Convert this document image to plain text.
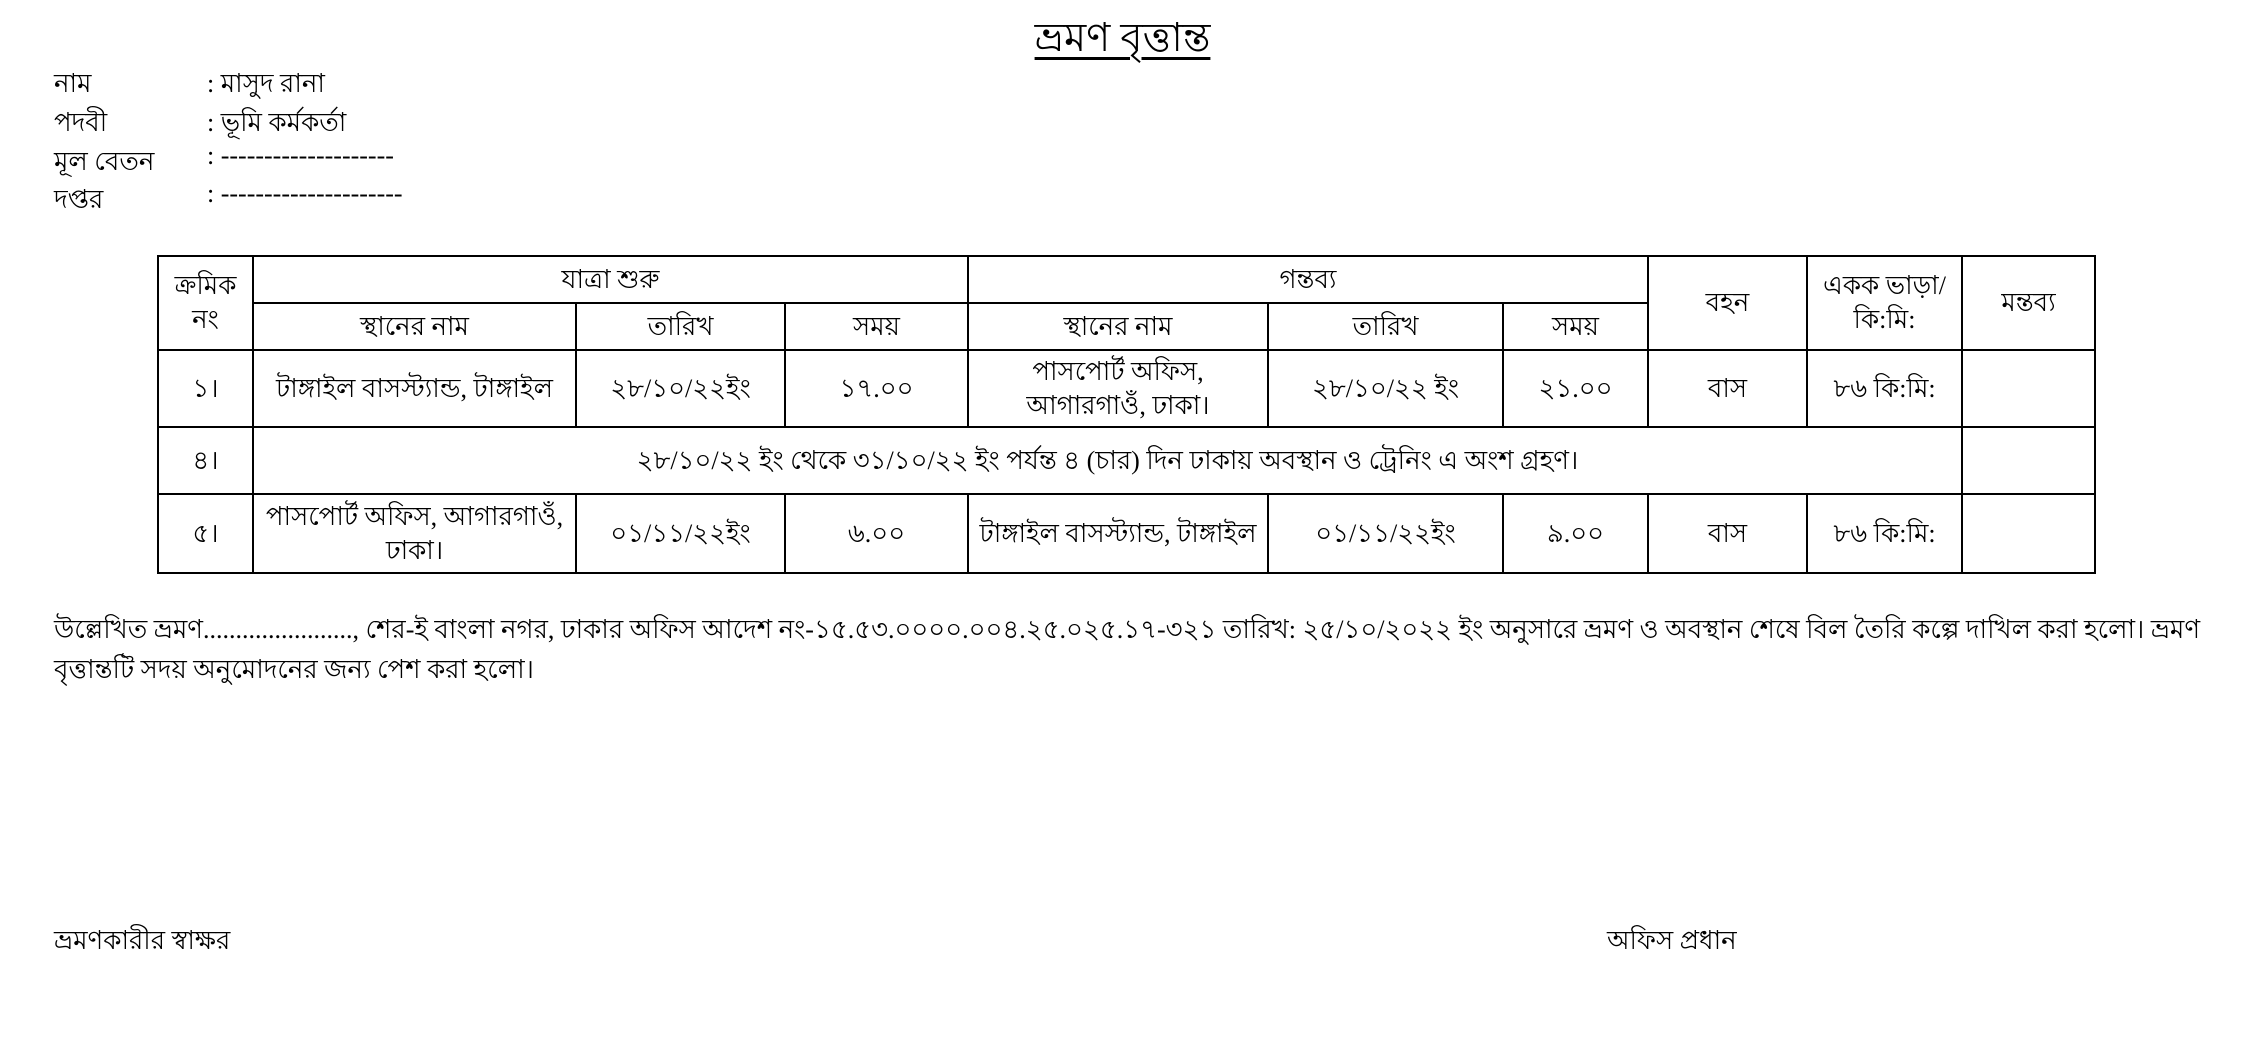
ভ্রমণ বৃত্তান্ত
নাম	: মাসুদ রানা
পদবী	: ভূমি কর্মকর্তা
মূল বেতন : --------------------
দপ্তর	: ---------------------
ক্রমিক নং	যাত্রা শুরু			গন্তব্য			বহন	একক ভাড়া/কি:মি:	মন্তব্য
	স্থানের নাম	তারিখ	সময়	স্থানের নাম	তারিখ	সময়			
১।	টাঙ্গাইল বাসস্ট্যান্ড, টাঙ্গাইল	২৮/১০/২২ইং	১৭.০০	পাসপোর্ট অফিস, আগারগাওঁ, ঢাকা।	২৮/১০/২২ ইং	২১.০০	বাস	৮৬ কি:মি:	
৪।	২৮/১০/২২ ইং থেকে ৩১/১০/২২ ইং পর্যন্ত ৪ (চার) দিন ঢাকায় অবস্থান ও ট্রেনিং এ অংশ গ্রহণ।								
৫।	পাসপোর্ট অফিস, আগারগাওঁ, ঢাকা।	০১/১১/২২ইং	৬.০০	টাঙ্গাইল বাসস্ট্যান্ড, টাঙ্গাইল	০১/১১/২২ইং	৯.০০	বাস	৮৬ কি:মি:	
উল্লেখিত ভ্রমণ......................., শের-ই বাংলা নগর, ঢাকার অফিস আদেশ নং-১৫.৫৩.০০০০.০০৪.২৫.০২৫.১৭-৩২১ তারিখ: ২৫/১০/২০২২ ইং অনুসারে ভ্রমণ ও অবস্থান শেষে বিল তৈরি কল্পে দাখিল করা হলো। ভ্রমণ বৃত্তান্তটি সদয় অনুমোদনের জন্য পেশ করা হলো।
ভ্রমণকারীর স্বাক্ষর	অফিস প্রধান
